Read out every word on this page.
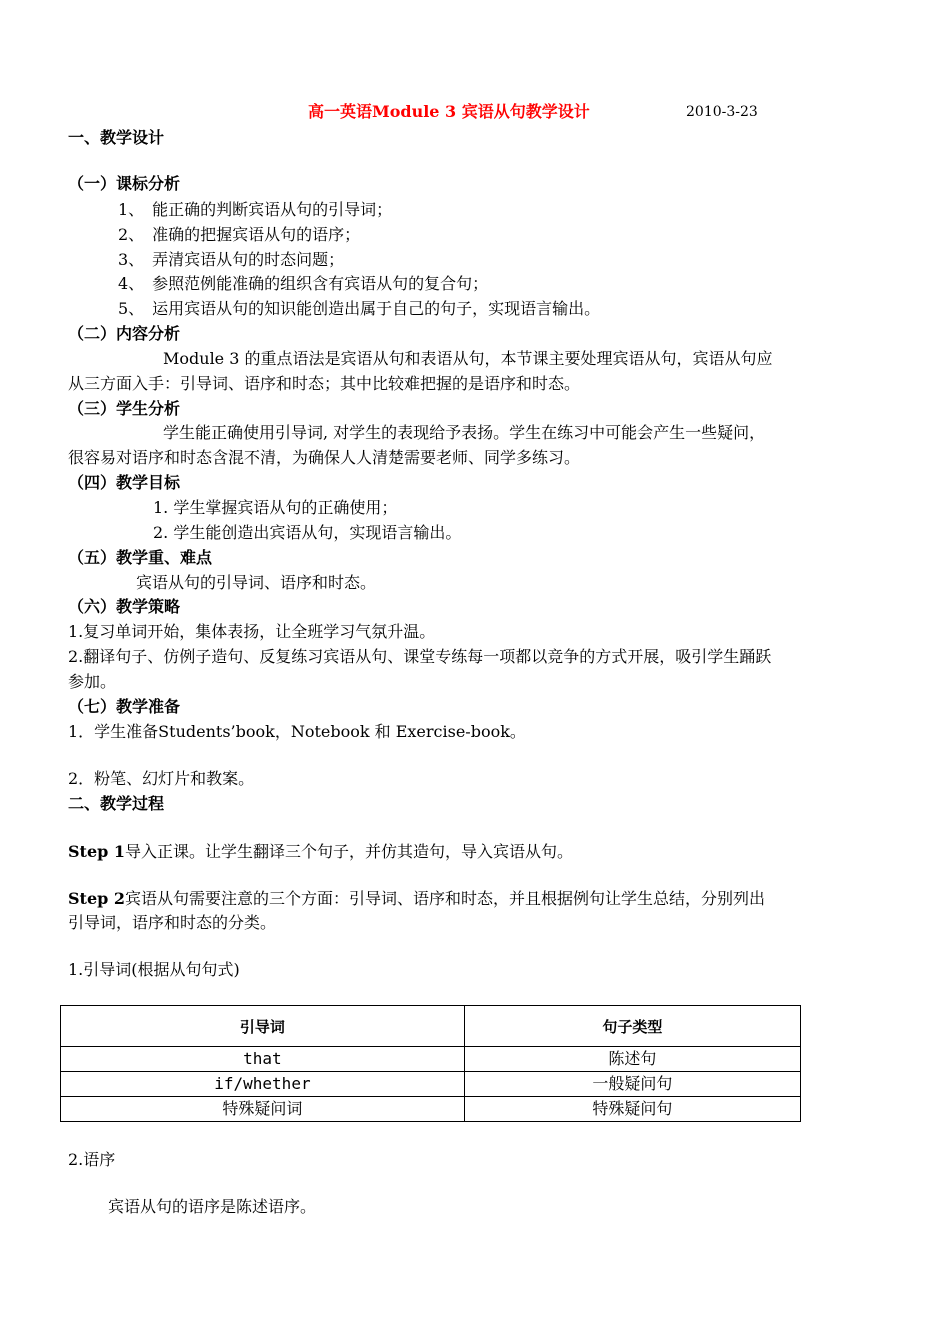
高一英语Module 3 宾语从句教学设计	2010-3-23
一、教学设计
（一）课标分析
1、　能正确的判断宾语从句的引导词；
2、　准确的把握宾语从句的语序；
3、　弄清宾语从句的时态问题；
4、　参照范例能准确的组织含有宾语从句的复合句；
5、　运用宾语从句的知识能创造出属于自己的句子，实现语言输出。
（二）内容分析
Module 3 的重点语法是宾语从句和表语从句，本节课主要处理宾语从句，宾语从句应
从三方面入手：引导词、语序和时态；其中比较难把握的是语序和时态。
（三）学生分析
学生能正确使用引导词, 对学生的表现给予表扬。学生在练习中可能会产生一些疑问，
很容易对语序和时态含混不清，为确保人人清楚需要老师、同学多练习。
（四）教学目标
1. 学生掌握宾语从句的正确使用；
2. 学生能创造出宾语从句，实现语言输出。
（五）教学重、难点
宾语从句的引导词、语序和时态。
（六）教学策略
1.复习单词开始，集体表扬，让全班学习气氛升温。
2.翻译句子、仿例子造句、反复练习宾语从句、课堂专练每一项都以竞争的方式开展，吸引学生踊跃
参加。
（七）教学准备
1．学生准备Students’book，Notebook 和 Exercise-book。
2．粉笔、幻灯片和教案。
二、教学过程
Step 1导入正课。让学生翻译三个句子，并仿其造句，导入宾语从句。
Step 2宾语从句需要注意的三个方面：引导词、语序和时态，并且根据例句让学生总结，分别列出
引导词，语序和时态的分类。
1.引导词(根据从句句式)
引导词	句子类型
that	陈述句
if/whether	一般疑问句
特殊疑问词	特殊疑问句
2.语序
宾语从句的语序是陈述语序。
